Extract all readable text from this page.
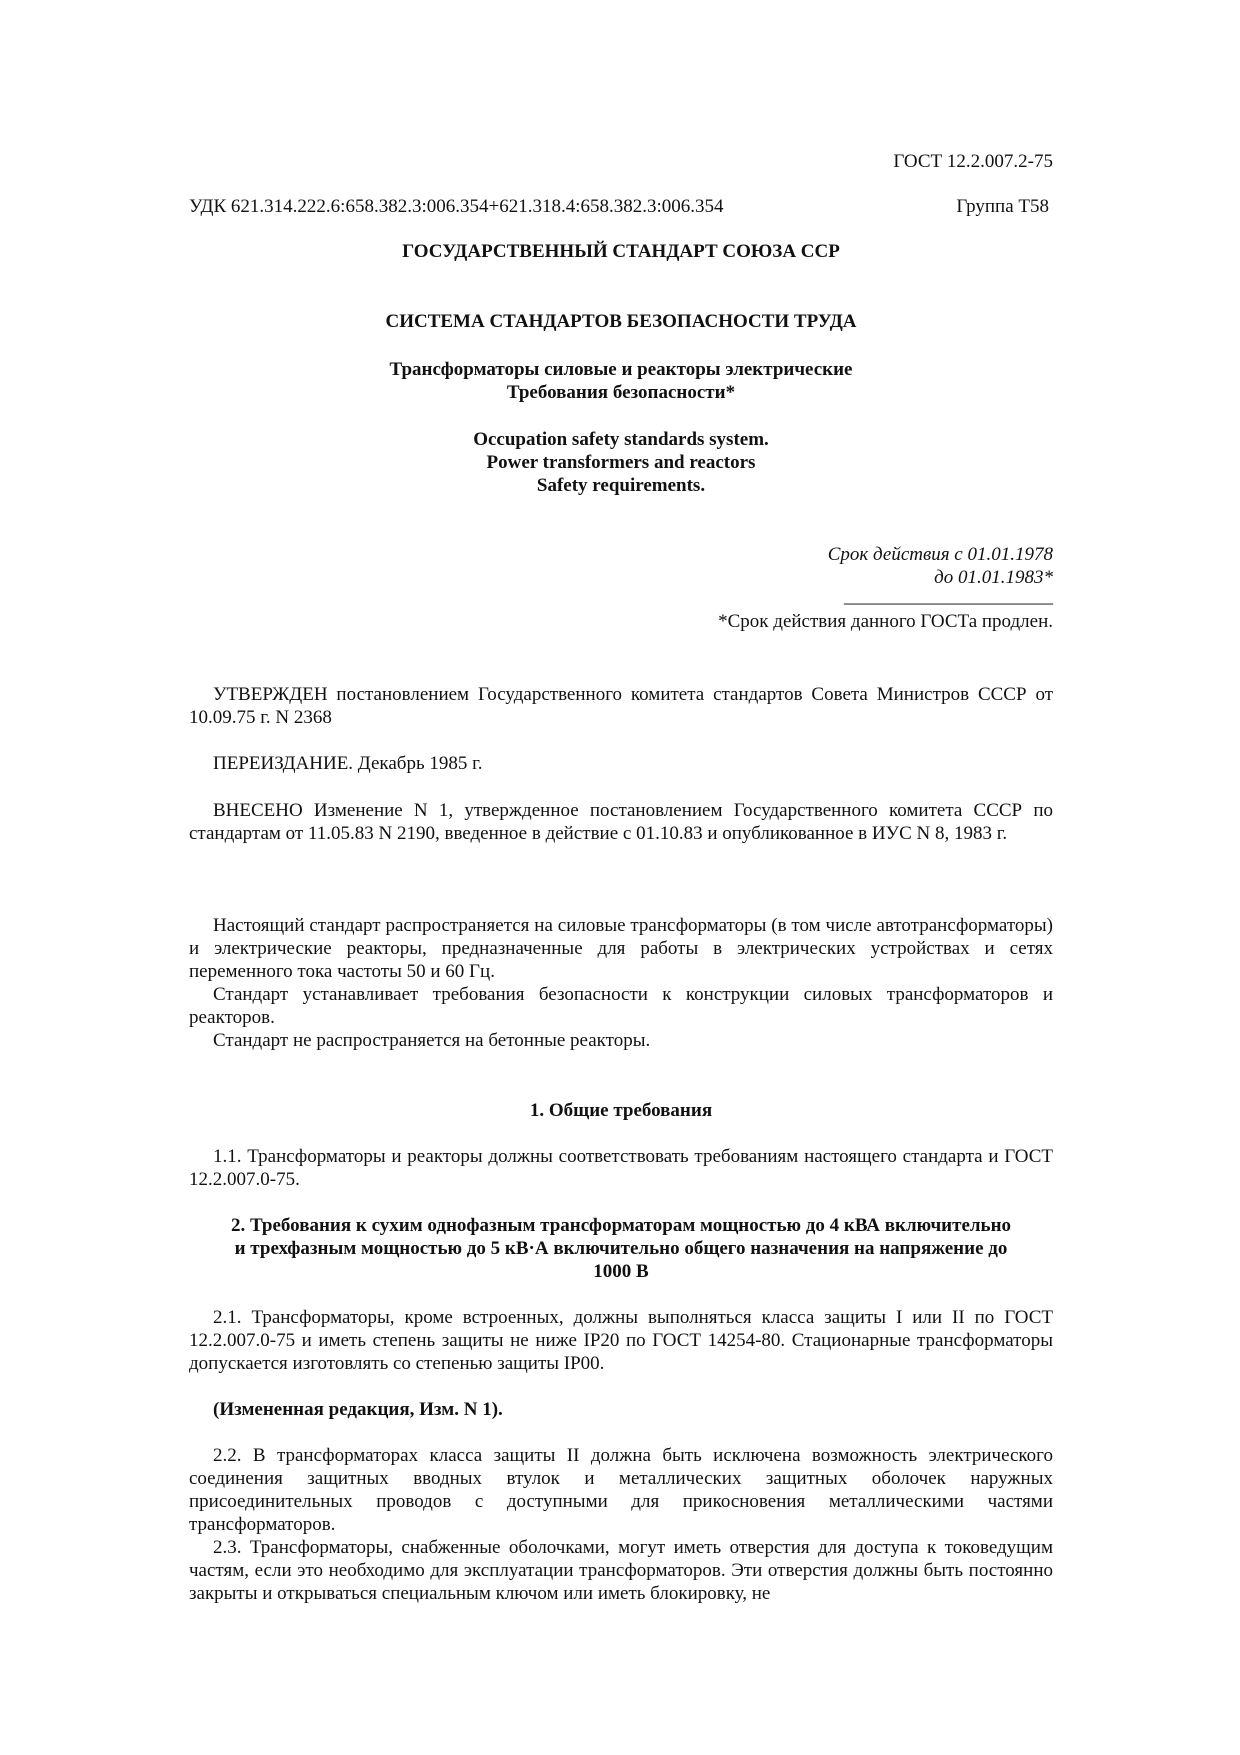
ГОСТ 12.2.007.2-75
УДК 621.314.222.6:658.382.3:006.354+621.318.4:658.382.3:006.354	Группа Т58
ГОСУДАРСТВЕННЫЙ СТАНДАРТ СОЮЗА ССР
СИСТЕМА СТАНДАРТОВ БЕЗОПАСНОСТИ ТРУДА
Трансформаторы силовые и реакторы электрические
Требования безопасности*
Occupation safety standards system.
Power transformers and reactors
Safety requirements.
Срок действия с 01.01.1978
до 01.01.1983*
______________________
*Срок действия данного ГОСТа продлен.
УТВЕРЖДЕН постановлением Государственного комитета стандартов Совета Министров СССР от 10.09.75 г. N 2368
ПЕРЕИЗДАНИЕ. Декабрь 1985 г.
ВНЕСЕНО Изменение N 1, утвержденное постановлением Государственного комитета СССР по стандартам от 11.05.83 N 2190, введенное в действие с 01.10.83 и опубликованное в ИУС N 8, 1983 г.
Настоящий стандарт распространяется на силовые трансформаторы (в том числе автотрансформаторы) и электрические реакторы, предназначенные для работы в электрических устройствах и сетях переменного тока частоты 50 и 60 Гц.
Стандарт устанавливает требования безопасности к конструкции силовых трансформаторов и реакторов.
Стандарт не распространяется на бетонные реакторы.
1. Общие требования
1.1. Трансформаторы и реакторы должны соответствовать требованиям настоящего стандарта и ГОСТ 12.2.007.0-75.
2. Требования к сухим однофазным трансформаторам мощностью до 4 кВА включительно
и трехфазным мощностью до 5 кВ·А включительно общего назначения на напряжение до
1000 В
2.1. Трансформаторы, кроме встроенных, должны выполняться класса защиты I или II по ГОСТ 12.2.007.0-75 и иметь степень защиты не ниже IP20 по ГОСТ 14254-80. Стационарные трансформаторы допускается изготовлять со степенью защиты IP00.
(Измененная редакция, Изм. N 1).
2.2. В трансформаторах класса защиты II должна быть исключена возможность электрического соединения защитных вводных втулок и металлических защитных оболочек наружных присоединительных проводов с доступными для прикосновения металлическими частями трансформаторов.
2.3. Трансформаторы, снабженные оболочками, могут иметь отверстия для доступа к токоведущим частям, если это необходимо для эксплуатации трансформаторов. Эти отверстия должны быть постоянно закрыты и открываться специальным ключом или иметь блокировку, не
